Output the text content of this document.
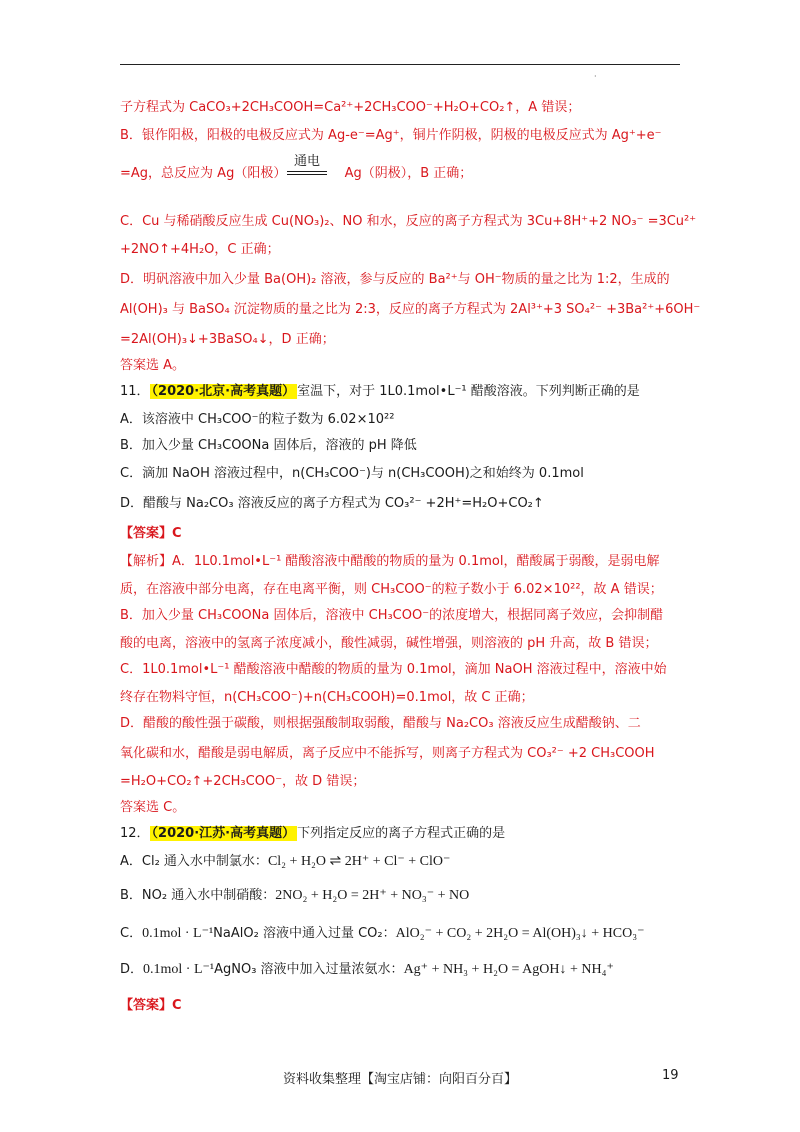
·
子方程式为 CaCO₃+2CH₃COOH=Ca²⁺+2CH₃COO⁻+H₂O+CO₂↑，A 错误；
B．银作阳极，阳极的电极反应式为 Ag-e⁻=Ag⁺，铜片作阴极，阴极的电极反应式为 Ag⁺+e⁻
=Ag，总反应为 Ag（阳极）	Ag（阴极），B 正确；
通电
C．Cu 与稀硝酸反应生成 Cu(NO₃)₂、NO 和水，反应的离子方程式为 3Cu+8H⁺+2 NO₃⁻ =3Cu²⁺
+2NO↑+4H₂O，C 正确；
D．明矾溶液中加入少量 Ba(OH)₂ 溶液，参与反应的 Ba²⁺与 OH⁻物质的量之比为 1:2，生成的
Al(OH)₃ 与 BaSO₄ 沉淀物质的量之比为 2:3，反应的离子方程式为 2Al³⁺+3 SO₄²⁻ +3Ba²⁺+6OH⁻
=2Al(OH)₃↓+3BaSO₄↓，D 正确；
答案选 A。
11． （2020·北京·高考真题） 室温下，对于 1L0.1mol•L⁻¹ 醋酸溶液。下列判断正确的是
A．该溶液中 CH₃COO⁻的粒子数为 6.02×10²²
B．加入少量 CH₃COONa 固体后，溶液的 pH 降低
C．滴加 NaOH 溶液过程中，n(CH₃COO⁻)与 n(CH₃COOH)之和始终为 0.1mol
D．醋酸与 Na₂CO₃ 溶液反应的离子方程式为 CO₃²⁻ +2H⁺=H₂O+CO₂↑
【答案】C
【解析】A．1L0.1mol•L⁻¹ 醋酸溶液中醋酸的物质的量为 0.1mol，醋酸属于弱酸，是弱电解
质，在溶液中部分电离，存在电离平衡，则 CH₃COO⁻的粒子数小于 6.02×10²²，故 A 错误；
B．加入少量 CH₃COONa 固体后，溶液中 CH₃COO⁻的浓度增大，根据同离子效应，会抑制醋
酸的电离，溶液中的氢离子浓度减小，酸性减弱，碱性增强，则溶液的 pH 升高，故 B 错误；
C．1L0.1mol•L⁻¹ 醋酸溶液中醋酸的物质的量为 0.1mol，滴加 NaOH 溶液过程中，溶液中始
终存在物料守恒，n(CH₃COO⁻)+n(CH₃COOH)=0.1mol，故 C 正确；
D．醋酸的酸性强于碳酸，则根据强酸制取弱酸，醋酸与 Na₂CO₃ 溶液反应生成醋酸钠、二
氧化碳和水，醋酸是弱电解质，离子反应中不能拆写，则离子方程式为 CO₃²⁻ +2 CH₃COOH
=H₂O+CO₂↑+2CH₃COO⁻，故 D 错误；
答案选 C。
12． （2020·江苏·高考真题） 下列指定反应的离子方程式正确的是
A．Cl₂ 通入水中制氯水：Cl₂ + H₂O ⇌ 2H⁺ + Cl⁻ + ClO⁻
B．NO₂ 通入水中制硝酸：2NO₂ + H₂O = 2H⁺ + NO₃⁻ + NO
C．0.1mol · L⁻¹NaAlO₂ 溶液中通入过量 CO₂：AlO₂⁻ + CO₂ + 2H₂O = Al(OH)₃↓ + HCO₃⁻
D．0.1mol · L⁻¹AgNO₃ 溶液中加入过量浓氨水：Ag⁺ + NH₃ + H₂O = AgOH↓ + NH₄⁺
【答案】C
资料收集整理【淘宝店铺：向阳百分百】	19
